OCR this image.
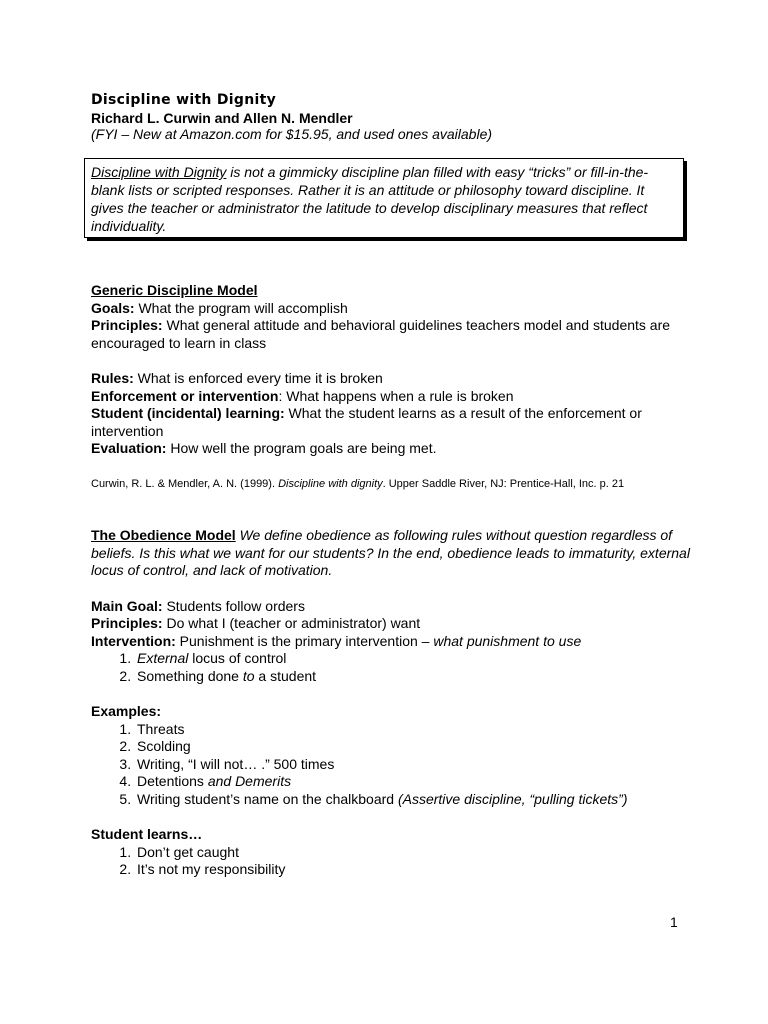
Discipline with Dignity
Richard L. Curwin and Allen N. Mendler
(FYI – New at Amazon.com for $15.95, and used ones available)

Discipline with Dignity is not a gimmicky discipline plan filled with easy “tricks” or fill-in-the-blank lists or scripted responses. Rather it is an attitude or philosophy toward discipline. It gives the teacher or administrator the latitude to develop disciplinary measures that reflect individuality.

Generic Discipline Model

Goals: What the program will accomplish

Principles: What general attitude and behavioral guidelines teachers model and students are encouraged to learn in class

Rules: What is enforced every time it is broken

Enforcement or intervention: What happens when a rule is broken

Student (incidental) learning: What the student learns as a result of the enforcement or intervention

Evaluation: How well the program goals are being met.

Curwin, R. L. & Mendler, A. N. (1999). Discipline with dignity. Upper Saddle River, NJ: Prentice-Hall, Inc. p. 21

The Obedience Model We define obedience as following rules without question regardless of beliefs. Is this what we want for our students? In the end, obedience leads to immaturity, external locus of control, and lack of motivation.

Main Goal: Students follow orders

Principles: Do what I (teacher or administrator) want

Intervention: Punishment is the primary intervention – what punishment to use

1. External locus of control
2. Something done to a student

Examples:

1. Threats
2. Scolding
3. Writing, “I will not… .” 500 times
4. Detentions and Demerits
5. Writing student’s name on the chalkboard (Assertive discipline, “pulling tickets”)

Student learns…

1. Don’t get caught
2. It’s not my responsibility
1
